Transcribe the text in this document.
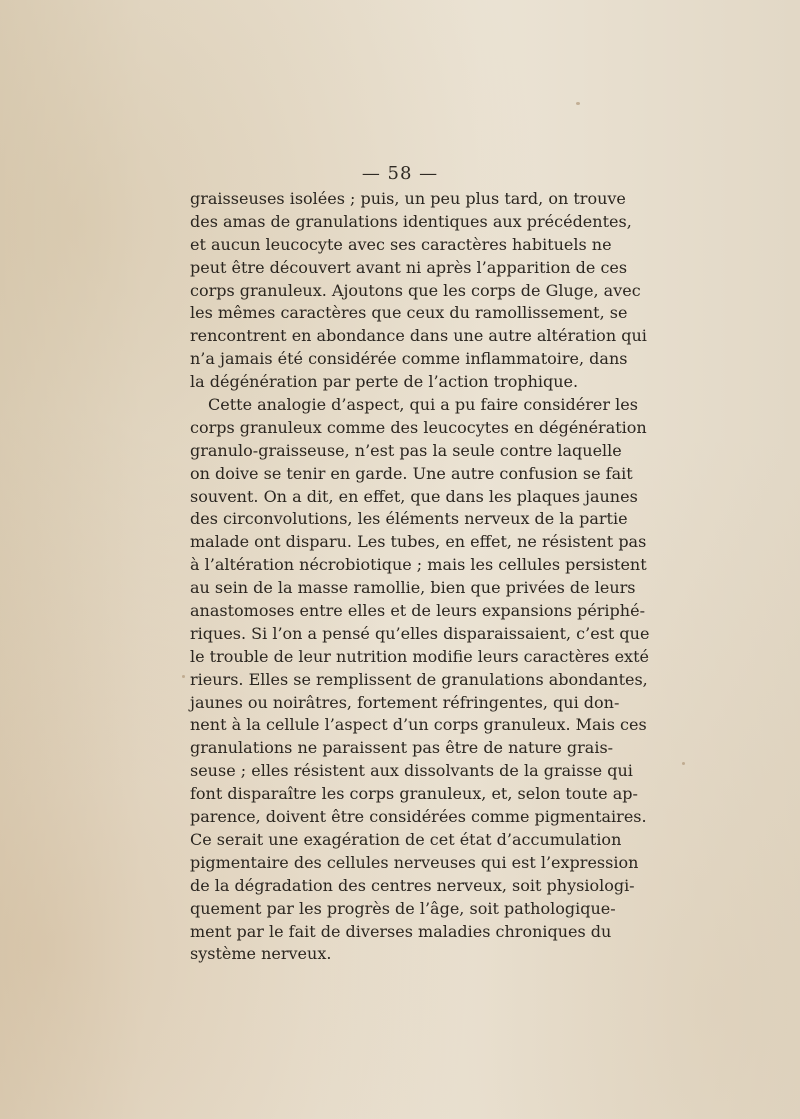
— 58 —
graisseuses isolées ; puis, un peu plus tard, on trouve
des amas de granulations identiques aux précédentes,
et aucun leucocyte avec ses caractères habituels ne
peut être découvert avant ni après l’apparition de ces
corps granuleux. Ajoutons que les corps de Gluge, avec
les mêmes caractères que ceux du ramollissement, se
rencontrent en abondance dans une autre altération qui
n’a jamais été considérée comme inflammatoire, dans
la dégénération par perte de l’action trophique.
Cette analogie d’aspect, qui a pu faire considérer les
corps granuleux comme des leucocytes en dégénération
granulo-graisseuse, n’est pas la seule contre laquelle
on doive se tenir en garde. Une autre confusion se fait
souvent. On a dit, en effet, que dans les plaques jaunes
des circonvolutions, les éléments nerveux de la partie
malade ont disparu. Les tubes, en effet, ne résistent pas
à l’altération nécrobiotique ; mais les cellules persistent
au sein de la masse ramollie, bien que privées de leurs
anastomoses entre elles et de leurs expansions périphé-
riques. Si l’on a pensé qu’elles disparaissaient, c’est que
le trouble de leur nutrition modifie leurs caractères exté
rieurs. Elles se remplissent de granulations abondantes,
jaunes ou noirâtres, fortement réfringentes, qui don-
nent à la cellule l’aspect d’un corps granuleux. Mais ces
granulations ne paraissent pas être de nature grais-
seuse ; elles résistent aux dissolvants de la graisse qui
font disparaître les corps granuleux, et, selon toute ap-
parence, doivent être considérées comme pigmentaires.
Ce serait une exagération de cet état d’accumulation
pigmentaire des cellules nerveuses qui est l’expression
de la dégradation des centres nerveux, soit physiologi-
quement par les progrès de l’âge, soit pathologique-
ment par le fait de diverses maladies chroniques du
système nerveux.
